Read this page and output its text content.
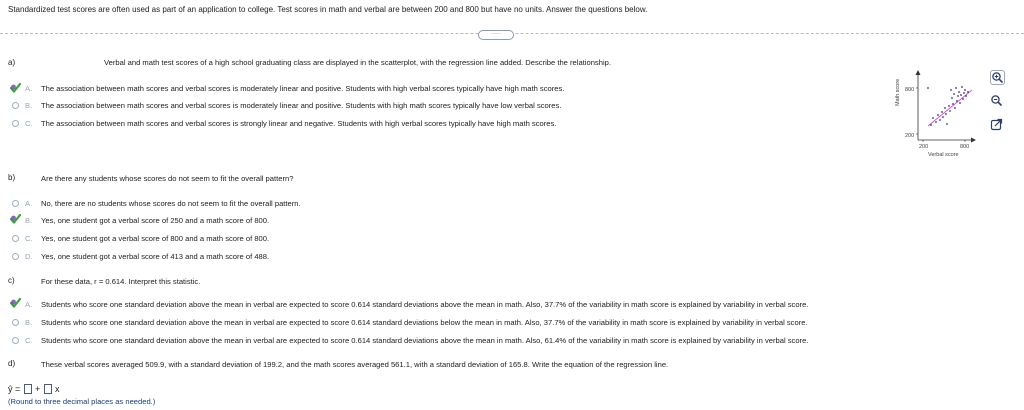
Standardized test scores are often used as part of an application to college. Test scores in math and verbal are between 200 and 800 but have no units. Answer the questions below.
·····
a)	Verbal and math test scores of a high school graduating class are displayed in the scatterplot, with the regression line added. Describe the relationship.
A. The association between math scores and verbal scores is moderately linear and positive. Students with high verbal scores typically have high math scores.
B. The association between math scores and verbal scores is moderately linear and positive. Students with high math scores typically have low verbal scores.
C. The association between math scores and verbal scores is strongly linear and negative. Students with high verbal scores typically have high math scores.
Math score 800
200
200	800
Verbal score
b)	Are there any students whose scores do not seem to fit the overall pattern?
A. No, there are no students whose scores do not seem to fit the overall pattern.
B. Yes, one student got a verbal score of 250 and a math score of 800.
C. Yes, one student got a verbal score of 800 and a math score of 800.
D. Yes, one student got a verbal score of 413 and a math score of 488.
c)	For these data, r = 0.614. Interpret this statistic.
A. Students who score one standard deviation above the mean in verbal are expected to score 0.614 standard deviations above the mean in math. Also, 37.7% of the variability in math score is explained by variability in verbal score.
B. Students who score one standard deviation above the mean in verbal are expected to score 0.614 standard deviations below the mean in math. Also, 37.7% of the variability in math score is explained by variability in verbal score.
C. Students who score one standard deviation above the mean in verbal are expected to score 0.614 standard deviations above the mean in math. Also, 61.4% of the variability in math score is explained by variability in verbal score.
d)	These verbal scores averaged 509.9, with a standard deviation of 199.2, and the math scores averaged 561.1, with a standard deviation of 165.8. Write the equation of the regression line.
ŷ = + x
(Round to three decimal places as needed.)
